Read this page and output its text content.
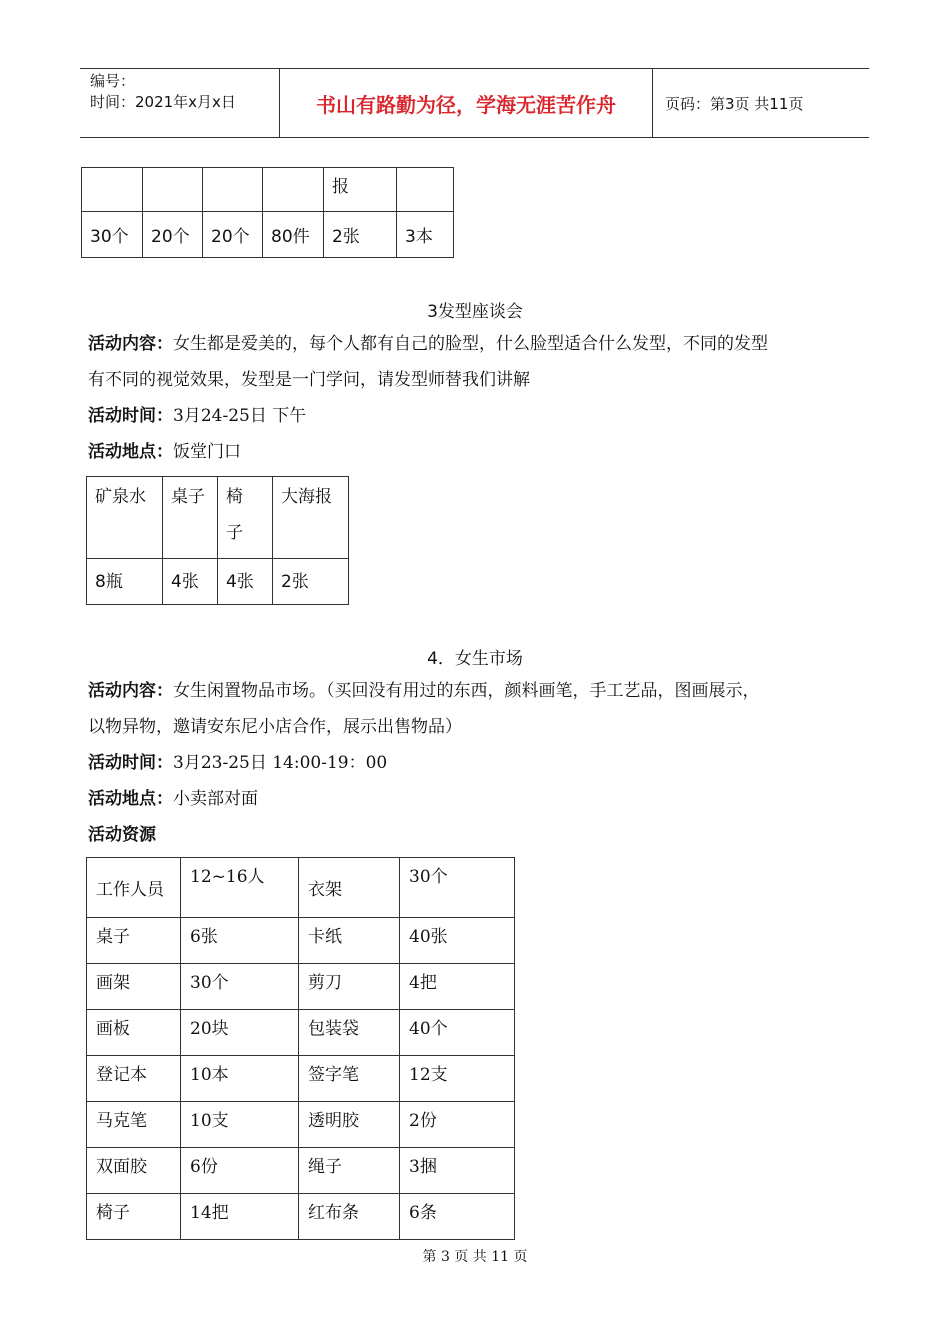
编号：
时间：2021年x月x日	书山有路勤为径，学海无涯苦作舟	页码：第3页 共11页
				报	
30个	20个	20个	80件	2张	3本
3发型座谈会
活动内容：女生都是爱美的，每个人都有自己的脸型，什么脸型适合什么发型，不同的发型
有不同的视觉效果，发型是一门学问，请发型师替我们讲解
活动时间：3月24-25日 下午
活动地点：饭堂门口
矿泉水	桌子	椅子	大海报
8瓶	4张	4张	2张
4．女生市场
活动内容：女生闲置物品市场。（买回没有用过的东西，颜料画笔，手工艺品，图画展示，
以物异物，邀请安东尼小店合作，展示出售物品）
活动时间：3月23-25日 14:00-19：00
活动地点：小卖部对面
活动资源
工作人员	12~16人	衣架	30个
桌子	6张	卡纸	40张
画架	30个	剪刀	4把
画板	20块	包装袋	40个
登记本	10本	签字笔	12支
马克笔	10支	透明胶	2份
双面胶	6份	绳子	3捆
椅子	14把	红布条	6条
第 3 页 共 11 页
